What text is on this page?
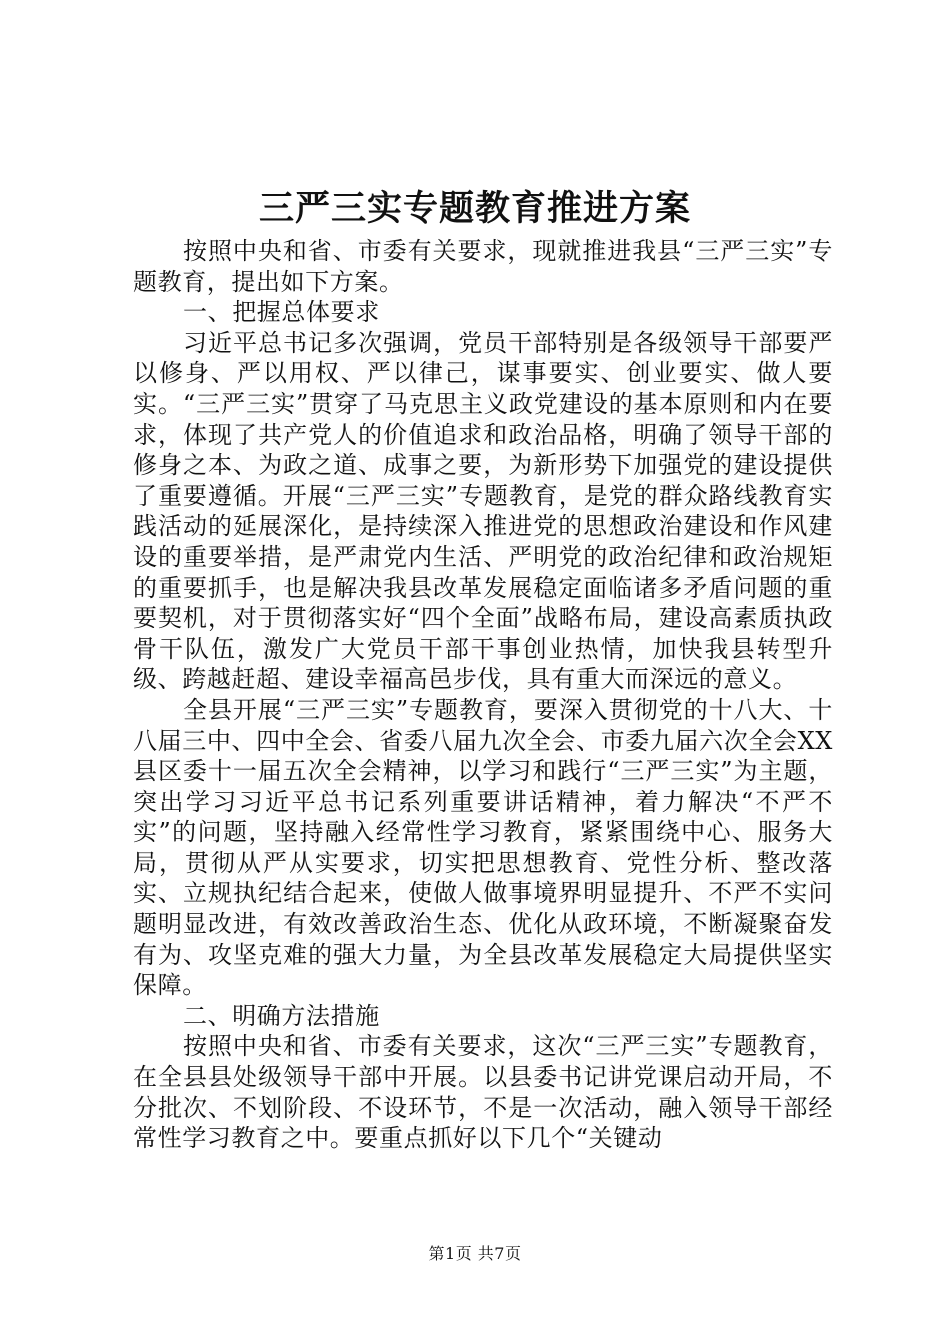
三严三实专题教育推进方案

按照中央和省、市委有关要求，现就推进我县“三严三实”专题教育，提出如下方案。

一、把握总体要求

习近平总书记多次强调，党员干部特别是各级领导干部要严以修身、严以用权、严以律己，谋事要实、创业要实、做人要实。“三严三实”贯穿了马克思主义政党建设的基本原则和内在要求，体现了共产党人的价值追求和政治品格，明确了领导干部的修身之本、为政之道、成事之要，为新形势下加强党的建设提供了重要遵循。开展“三严三实”专题教育，是党的群众路线教育实践活动的延展深化，是持续深入推进党的思想政治建设和作风建设的重要举措，是严肃党内生活、严明党的政治纪律和政治规矩的重要抓手，也是解决我县改革发展稳定面临诸多矛盾问题的重要契机，对于贯彻落实好“四个全面”战略布局，建设高素质执政骨干队伍，激发广大党员干部干事创业热情，加快我县转型升级、跨越赶超、建设幸福高邑步伐，具有重大而深远的意义。

全县开展“三严三实”专题教育，要深入贯彻党的十八大、十八届三中、四中全会、省委八届九次全会、市委九届六次全会XX县区委十一届五次全会精神，以学习和践行“三严三实”为主题，突出学习习近平总书记系列重要讲话精神，着力解决“不严不实”的问题，坚持融入经常性学习教育，紧紧围绕中心、服务大局，贯彻从严从实要求，切实把思想教育、党性分析、整改落实、立规执纪结合起来，使做人做事境界明显提升、不严不实问题明显改进，有效改善政治生态、优化从政环境，不断凝聚奋发有为、攻坚克难的强大力量，为全县改革发展稳定大局提供坚实保障。

二、明确方法措施

按照中央和省、市委有关要求，这次“三严三实”专题教育，在全县县处级领导干部中开展。以县委书记讲党课启动开局，不分批次、不划阶段、不设环节，不是一次活动，融入领导干部经常性学习教育之中。要重点抓好以下几个“关键动

第1页 共7页
